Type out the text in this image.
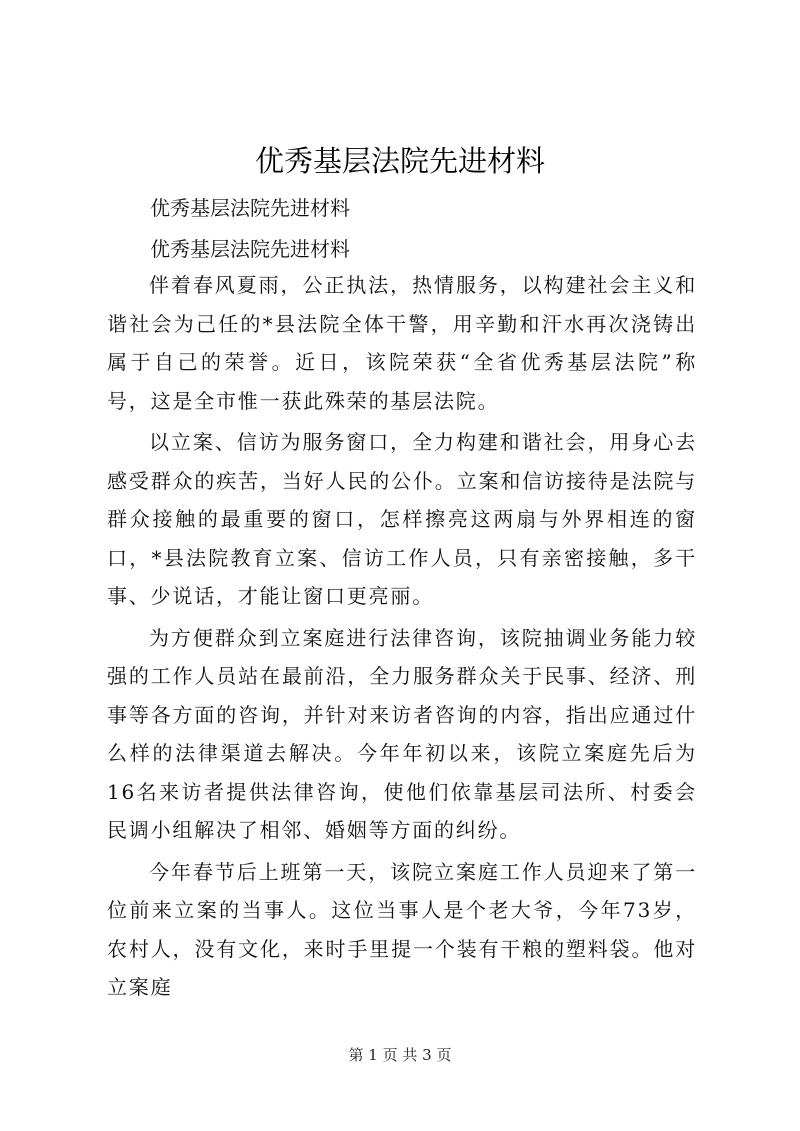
优秀基层法院先进材料

优秀基层法院先进材料

优秀基层法院先进材料

伴着春风夏雨，公正执法，热情服务，以构建社会主义和谐社会为己任的*县法院全体干警，用辛勤和汗水再次浇铸出属于自己的荣誉。近日，该院荣获“全省优秀基层法院”称号，这是全市惟一获此殊荣的基层法院。

以立案、信访为服务窗口，全力构建和谐社会，用身心去感受群众的疾苦，当好人民的公仆。立案和信访接待是法院与群众接触的最重要的窗口，怎样擦亮这两扇与外界相连的窗口，*县法院教育立案、信访工作人员，只有亲密接触，多干事、少说话，才能让窗口更亮丽。

为方便群众到立案庭进行法律咨询，该院抽调业务能力较强的工作人员站在最前沿，全力服务群众关于民事、经济、刑事等各方面的咨询，并针对来访者咨询的内容，指出应通过什么样的法律渠道去解决。今年年初以来，该院立案庭先后为16名来访者提供法律咨询，使他们依靠基层司法所、村委会民调小组解决了相邻、婚姻等方面的纠纷。

今年春节后上班第一天，该院立案庭工作人员迎来了第一位前来立案的当事人。这位当事人是个老大爷，今年73岁，农村人，没有文化，来时手里提一个装有干粮的塑料袋。他对立案庭

第 1 页 共 3 页
